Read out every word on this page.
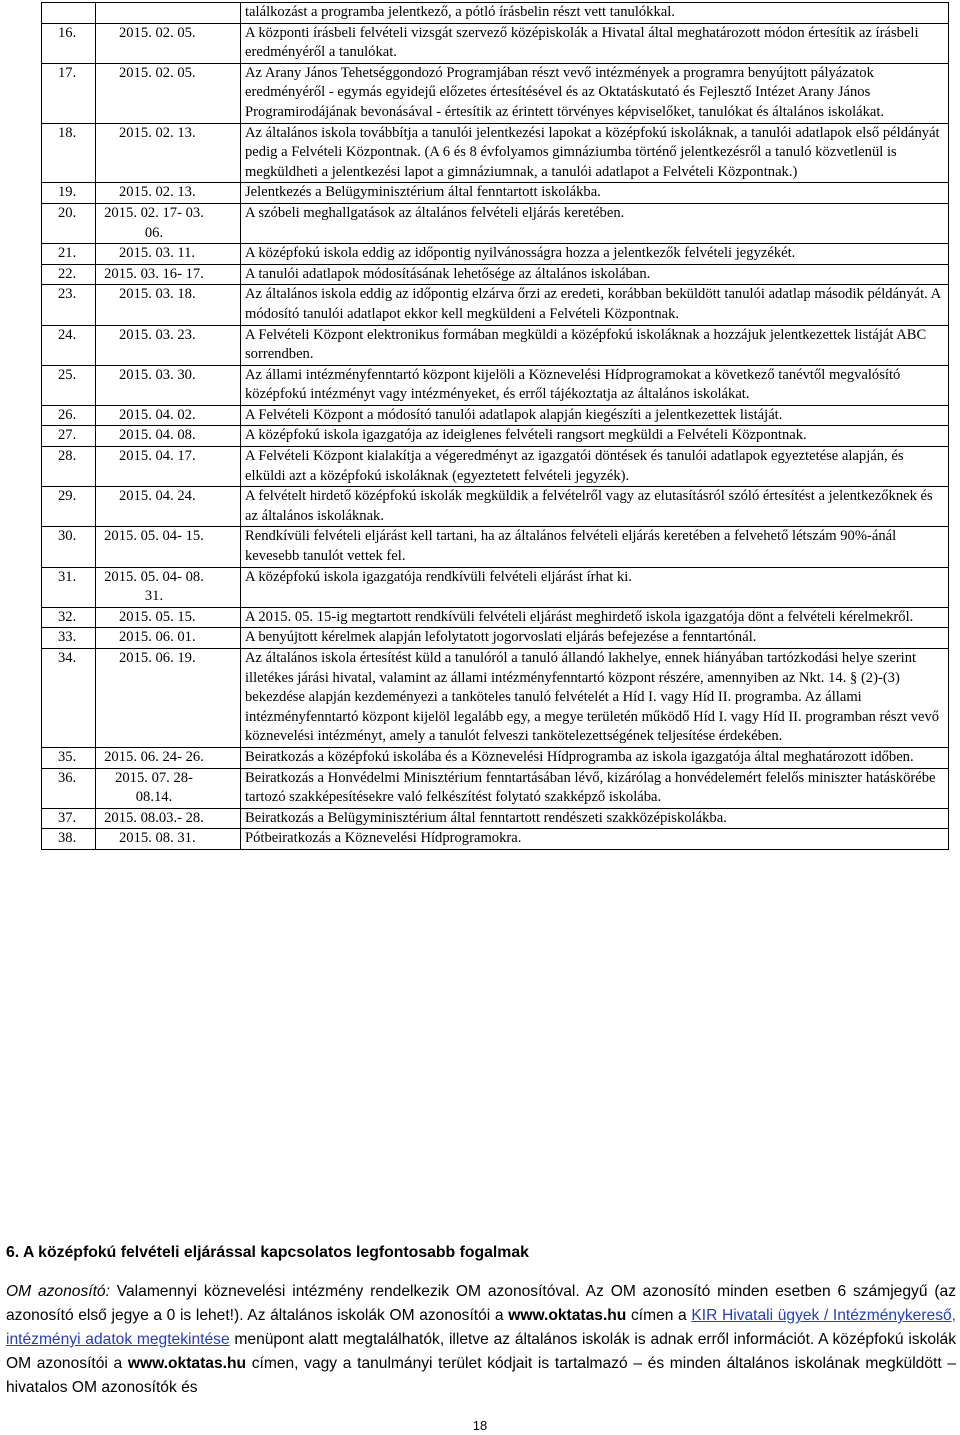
		találkozást a programba jelentkező, a pótló írásbelin részt vett tanulókkal.
16.	2015. 02. 05.	A központi írásbeli felvételi vizsgát szervező középiskolák a Hivatal által meghatározott módon értesítik az írásbeli eredményéről a tanulókat.
17.	2015. 02. 05.	Az Arany János Tehetséggondozó Programjában részt vevő intézmények a programra benyújtott pályázatok eredményéről - egymás egyidejű előzetes értesítésével és az Oktatáskutató és Fejlesztő Intézet Arany János Programirodájának bevonásával - értesítik az érintett törvényes képviselőket, tanulókat és általános iskolákat.
18.	2015. 02. 13.	Az általános iskola továbbítja a tanulói jelentkezési lapokat a középfokú iskoláknak, a tanulói adatlapok első példányát pedig a Felvételi Központnak. (A 6 és 8 évfolyamos gimnáziumba történő jelentkezésről a tanuló közvetlenül is megküldheti a jelentkezési lapot a gimnáziumnak, a tanulói adatlapot a Felvételi Központnak.)
19.	2015. 02. 13.	Jelentkezés a Belügyminisztérium által fenntartott iskolákba.
20.	2015. 02. 17- 03. 06.	A szóbeli meghallgatások az általános felvételi eljárás keretében.
21.	2015. 03. 11.	A középfokú iskola eddig az időpontig nyilvánosságra hozza a jelentkezők felvételi jegyzékét.
22.	2015. 03. 16- 17.	A tanulói adatlapok módosításának lehetősége az általános iskolában.
23.	2015. 03. 18.	Az általános iskola eddig az időpontig elzárva őrzi az eredeti, korábban beküldött tanulói adatlap második példányát. A módosító tanulói adatlapot ekkor kell megküldeni a Felvételi Központnak.
24.	2015. 03. 23.	A Felvételi Központ elektronikus formában megküldi a középfokú iskoláknak a hozzájuk jelentkezettek listáját ABC sorrendben.
25.	2015. 03. 30.	Az állami intézményfenntartó központ kijelöli a Köznevelési Hídprogramokat a következő tanévtől megvalósító középfokú intézményt vagy intézményeket, és erről tájékoztatja az általános iskolákat.
26.	2015. 04. 02.	A Felvételi Központ a módosító tanulói adatlapok alapján kiegészíti a jelentkezettek listáját.
27.	2015. 04. 08.	A középfokú iskola igazgatója az ideiglenes felvételi rangsort megküldi a Felvételi Központnak.
28.	2015. 04. 17.	A Felvételi Központ kialakítja a végeredményt az igazgatói döntések és tanulói adatlapok egyeztetése alapján, és elküldi azt a középfokú iskoláknak (egyeztetett felvételi jegyzék).
29.	2015. 04. 24.	A felvételt hirdető középfokú iskolák megküldik a felvételről vagy az elutasításról szóló értesítést a jelentkezőknek és az általános iskoláknak.
30.	2015. 05. 04- 15.	Rendkívüli felvételi eljárást kell tartani, ha az általános felvételi eljárás keretében a felvehető létszám 90%-ánál kevesebb tanulót vettek fel.
31.	2015. 05. 04- 08. 31.	A középfokú iskola igazgatója rendkívüli felvételi eljárást írhat ki.
32.	2015. 05. 15.	A 2015. 05. 15-ig megtartott rendkívüli felvételi eljárást meghirdető iskola igazgatója dönt a felvételi kérelmekről.
33.	2015. 06. 01.	A benyújtott kérelmek alapján lefolytatott jogorvoslati eljárás befejezése a fenntartónál.
34.	2015. 06. 19.	Az általános iskola értesítést küld a tanulóról a tanuló állandó lakhelye, ennek hiányában tartózkodási helye szerint illetékes járási hivatal, valamint az állami intézményfenntartó központ részére, amennyiben az Nkt. 14. § (2)-(3) bekezdése alapján kezdeményezi a tanköteles tanuló felvételét a Híd I. vagy Híd II. programba. Az állami intézményfenntartó központ kijelöl legalább egy, a megye területén működő Híd I. vagy Híd II. programban részt vevő köznevelési intézményt, amely a tanulót felveszi tankötelezettségének teljesítése érdekében.
35.	2015. 06. 24- 26.	Beiratkozás a középfokú iskolába és a Köznevelési Hídprogramba az iskola igazgatója által meghatározott időben.
36.	2015. 07. 28- 08.14.	Beiratkozás a Honvédelmi Minisztérium fenntartásában lévő, kizárólag a honvédelemért felelős miniszter hatáskörébe tartozó szakképesítésekre való felkészítést folytató szakképző iskolába.
37.	2015. 08.03.- 28.	Beiratkozás a Belügyminisztérium által fenntartott rendészeti szakközépiskolákba.
38.	2015. 08. 31.	Pótbeiratkozás a Köznevelési Hídprogramokra.
6. A középfokú felvételi eljárással kapcsolatos legfontosabb fogalmak

OM azonosító: Valamennyi köznevelési intézmény rendelkezik OM azonosítóval. Az OM azonosító minden esetben 6 számjegyű (az azonosító első jegye a 0 is lehet!). Az általános iskolák OM azonosítói a www.oktatas.hu címen a KIR Hivatali ügyek / Intézménykereső, intézményi adatok megtekintése menüpont alatt megtalálhatók, illetve az általános iskolák is adnak erről információt. A középfokú iskolák OM azonosítói a www.oktatas.hu címen, vagy a tanulmányi terület kódjait is tartalmazó – és minden általános iskolának megküldött – hivatalos OM azonosítók és

18
